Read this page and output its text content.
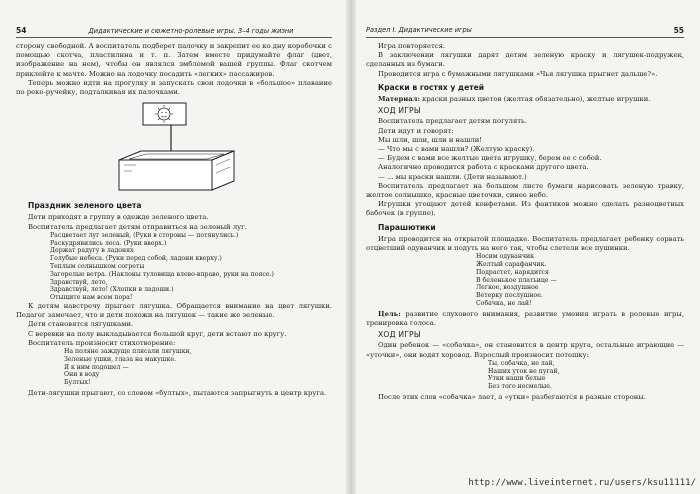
54	Дидактические и сюжетно-ролевые игры. 3–4 годы жизни

сторону свободной. А воспитатель подберет палочку и закрепит ее ко дну коробочки с помощью скотча, пластилина и т. п. Затем вместе придумайте флаг (цвет, изображение на нем), чтобы он являлся эмблемой вашей группы. Флаг скотчем приклейте к мачте. Можно на лодочку посадить «легких» пассажиров.

Теперь можно идти на прогулку и запускать свои лодочки в «большое» плавание по реке-ручейку, подталкивая их палочками.

Праздник зеленого цвета

Дети приходят в группу в одежде зеленого цвета.

Воспитатель предлагает детям отправиться на зеленый луг.

Расцветает луг зеленый, (Руки в стороны — потянулись.)
Раскудрявились леса. (Руки вверх.)
Держат радугу в ладонях
Голубые небеса. (Руки перед собой, ладони кверху.)
Теплым солнышком согреты
Загорелые ветра. (Наклоны туловища влево-вправо, руки на поясе.)
Здравствуй, лето,
Здравствуй, лето! (Хлопки в ладоши.)
Отыщите нам всем пора!

К детям навстречу прыгает лягушка. Обращается внимание на цвет лягушки. Педагог замечает, что и дети похожи на лягушек — такие же зеленые.

Дети становятся лягушками.

С веревки на полу выкладывается большой круг, дети встают по кругу.

Воспитатель произносит стихотворение:

На поляне заждуще плясали лягушки,
Зеленые ушки, глаза на макушке.
Я к ним подошел —
Они в воду
Бултых!

Дети-лягушки прыгают, со словом «бултых», пытаются запрыгнуть в центр круга.

Раздел I. Дидактические игры	55

Игра повторяется.

В заключении лягушки дарят детям зеленую краску и лягушек-подружек, сделанных из бумаги.

Проводится игра с бумажными лягушками «Чья лягушка прыгнет дальше?».

Краски в гостях у детей

Материал: краски разных цветов (желтая обязательно), желтые игрушки.

ХОД ИГРЫ

Воспитатель предлагает детям погулять.

Дети идут и говорят:

Мы шли, шли, шли и нашли!

— Что мы с вами нашли? (Желтую краску).

— Будем с вами все желтые цвета игрушку, берем ее с собой.

Аналогично проводится работа с красками другого цвета.

— ... мы краски нашли. (Дети называют.)

Воспитатель предлагает на большом листе бумаги нарисовать зеленую травку, желтое солнышко, красные цветочки, синее небо.

Игрушки угощают детей конфетами. Из фантиков можно сделать разноцветных бабочек (в группе).

Парашютики

Игра проводится на открытой площадке. Воспитатель предлагает ребенку сорвать отцветший одуванчик и подуть на него так, чтобы слетели все пушинки.

Носим одуванчик
Желтый сарафанчик.
Подрастет, нарядится
В беленькое платьице —
Легкое, воздушное
Ветерку послушное.
Собачка, не лай!

Цель: развитие слухового внимания, развитие умения играть в ролевые игры, тренировка голоса.

ХОД ИГРЫ

Один ребенок — «собачка», он становится в центр круга, остальные играющие — «уточки», они водят хоровод. Взрослый произносит потешку:

Ты, собачка, не лай,
Наших уток не пугай,
Утки наши белые
Без того несмелые.

После этих слов «собачка» лает, а «утки» разбегаются в разные стороны.

http://www.liveinternet.ru/users/ksu11111/
